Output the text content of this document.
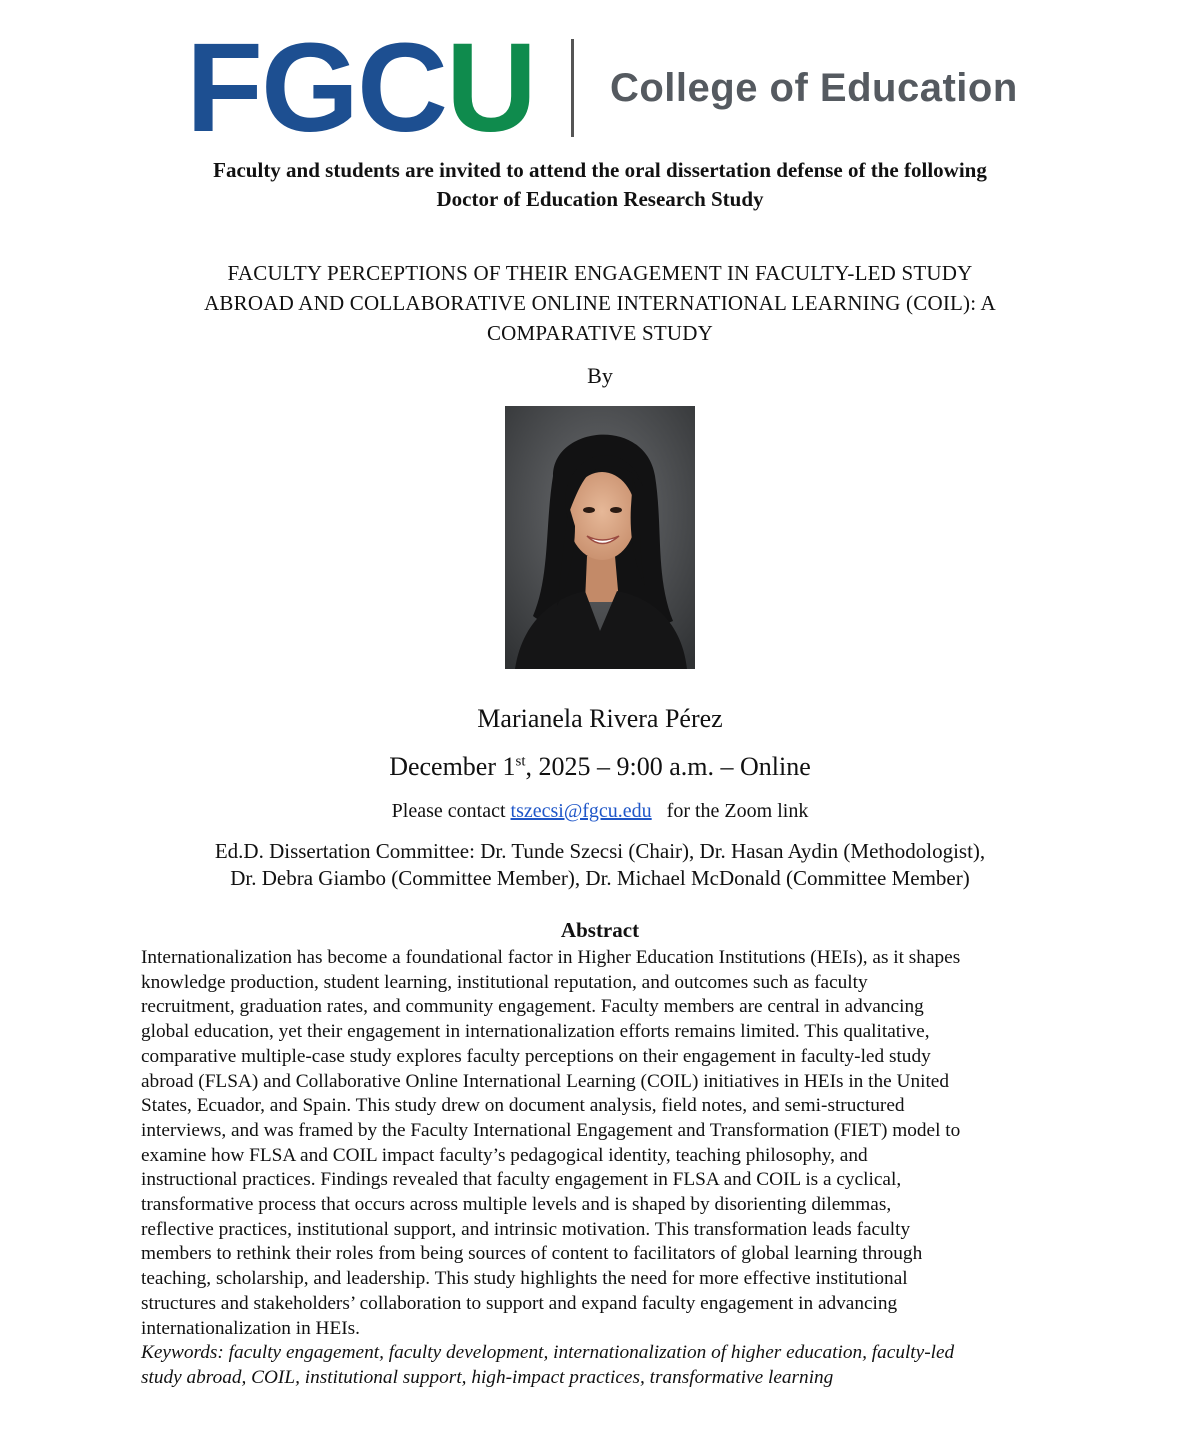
FGCU College of Education
Faculty and students are invited to attend the oral dissertation defense of the following
Doctor of Education Research Study
FACULTY PERCEPTIONS OF THEIR ENGAGEMENT IN FACULTY-LED STUDY
ABROAD AND COLLABORATIVE ONLINE INTERNATIONAL LEARNING (COIL): A
COMPARATIVE STUDY
By
Marianela Rivera Pérez
December 1st, 2025 – 9:00 a.m. – Online
Please contact tszecsi@fgcu.edu for the Zoom link
Ed.D. Dissertation Committee: Dr. Tunde Szecsi (Chair), Dr. Hasan Aydin (Methodologist),
Dr. Debra Giambo (Committee Member), Dr. Michael McDonald (Committee Member)
Abstract
Internationalization has become a foundational factor in Higher Education Institutions (HEIs), as it shapes
knowledge production, student learning, institutional reputation, and outcomes such as faculty
recruitment, graduation rates, and community engagement. Faculty members are central in advancing
global education, yet their engagement in internationalization efforts remains limited. This qualitative,
comparative multiple-case study explores faculty perceptions on their engagement in faculty-led study
abroad (FLSA) and Collaborative Online International Learning (COIL) initiatives in HEIs in the United
States, Ecuador, and Spain. This study drew on document analysis, field notes, and semi-structured
interviews, and was framed by the Faculty International Engagement and Transformation (FIET) model to
examine how FLSA and COIL impact faculty’s pedagogical identity, teaching philosophy, and
instructional practices. Findings revealed that faculty engagement in FLSA and COIL is a cyclical,
transformative process that occurs across multiple levels and is shaped by disorienting dilemmas,
reflective practices, institutional support, and intrinsic motivation. This transformation leads faculty
members to rethink their roles from being sources of content to facilitators of global learning through
teaching, scholarship, and leadership. This study highlights the need for more effective institutional
structures and stakeholders’ collaboration to support and expand faculty engagement in advancing
internationalization in HEIs.
Keywords: faculty engagement, faculty development, internationalization of higher education, faculty-led
study abroad, COIL, institutional support, high-impact practices, transformative learning
